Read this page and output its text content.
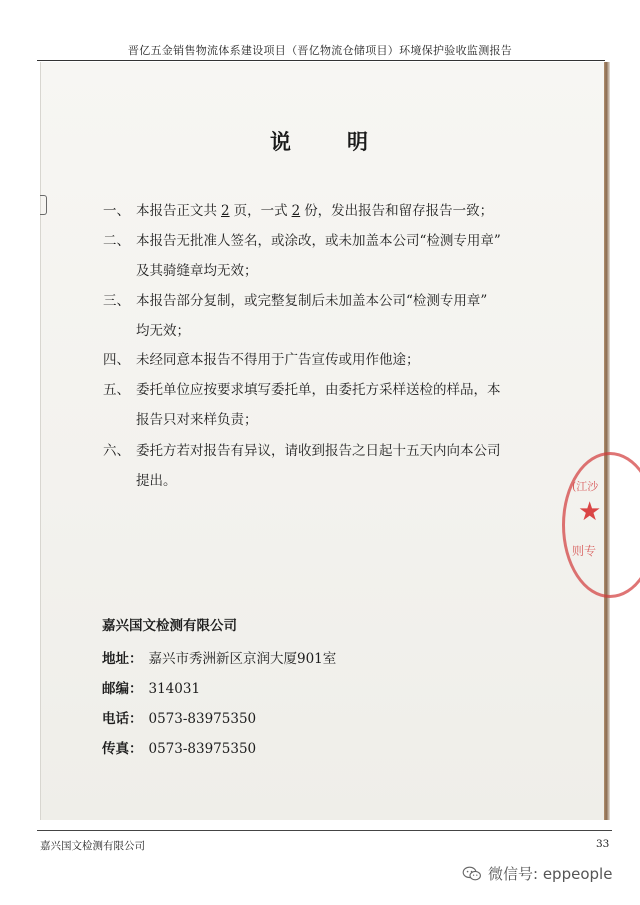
晋亿五金销售物流体系建设项目（晋亿物流仓储项目）环境保护验收监测报告
说	明
一、 本报告正文共 2 页，一式 2 份，发出报告和留存报告一致；
二、 本报告无批准人签名，或涂改，或未加盖本公司“检测专用章”
及其骑缝章均无效；
三、 本报告部分复制，或完整复制后未加盖本公司“检测专用章”
均无效；
四、 未经同意本报告不得用于广告宣传或用作他途；
五、 委托单位应按要求填写委托单，由委托方采样送检的样品，本
报告只对来样负责；
六、 委托方若对报告有异议，请收到报告之日起十五天内向本公司
提出。	(江沙
★
则专
嘉兴国文检测有限公司
地址： 嘉兴市秀洲新区京润大厦901室
邮编： 314031
电话： 0573-83975350
传真： 0573-83975350
嘉兴国文检测有限公司	33
微信号: eppeople
